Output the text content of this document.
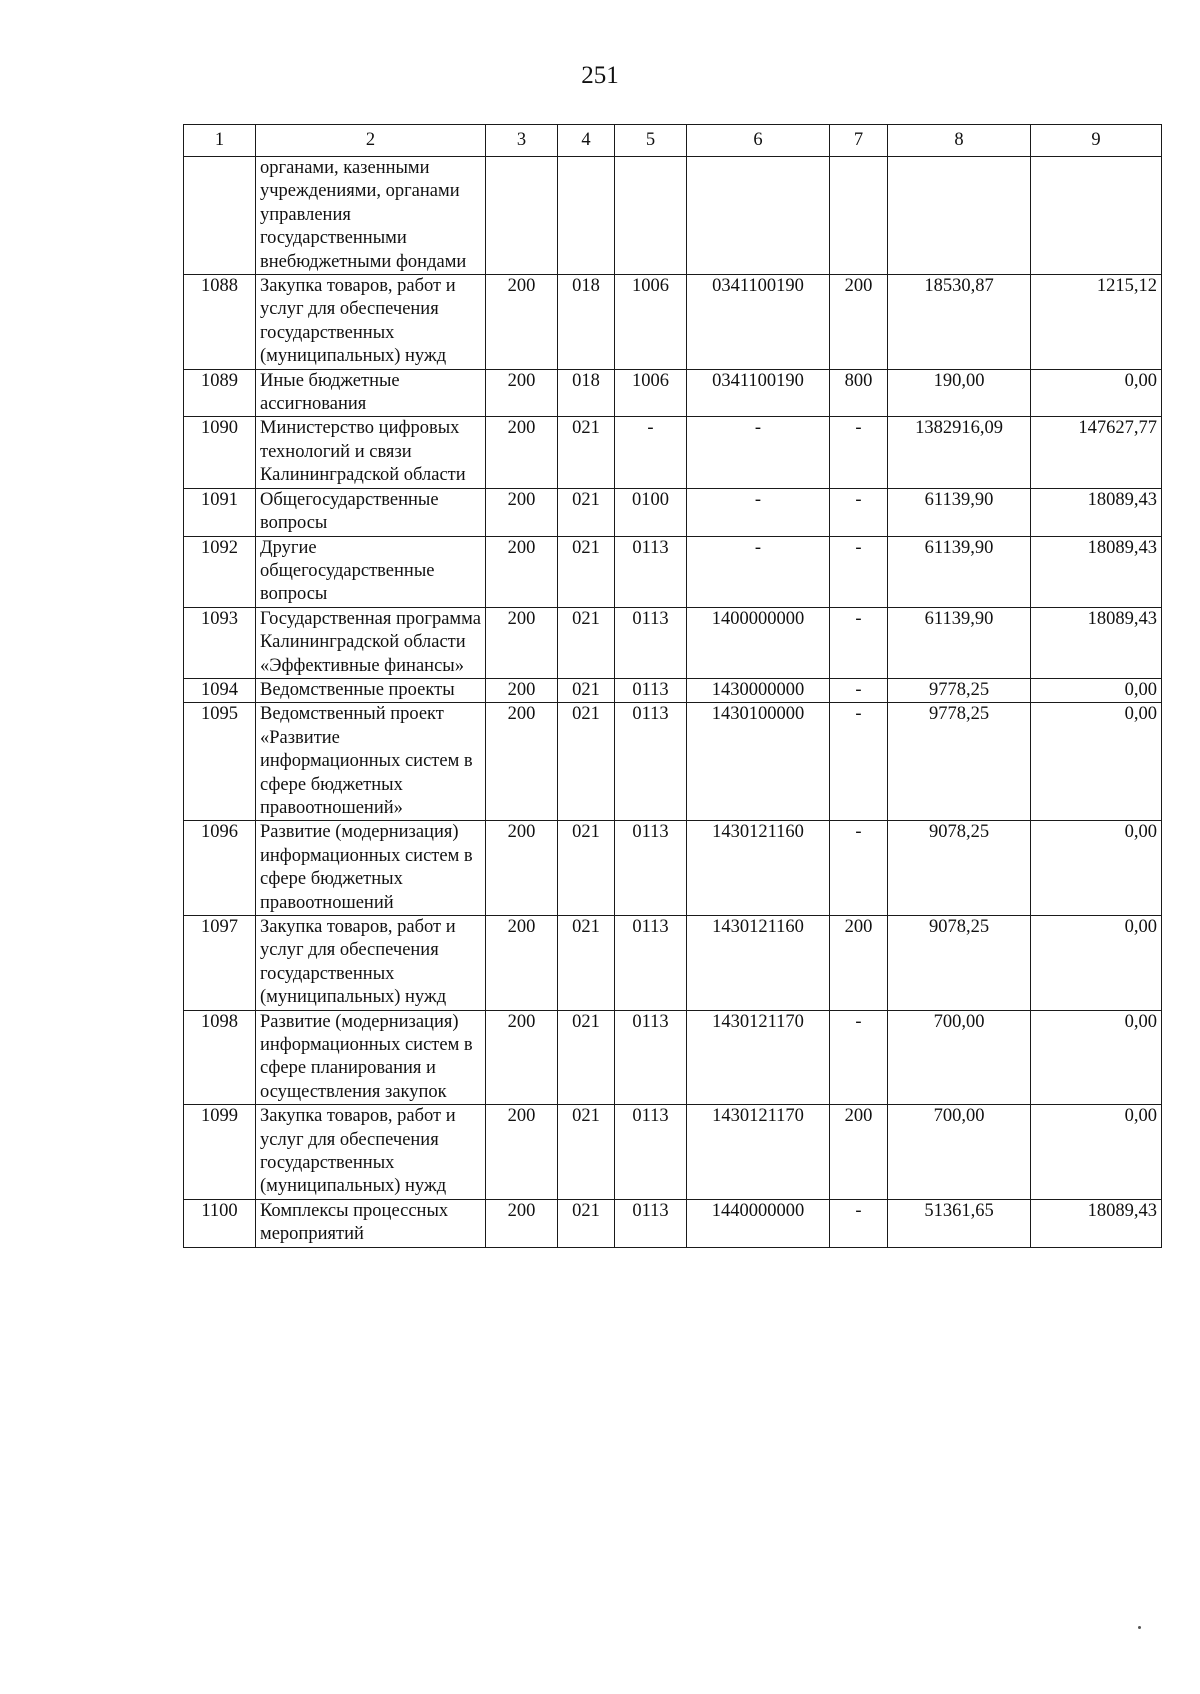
251
1	2	3	4	5	6	7	8	9
	органами, казенными учреждениями, органами управления государственными внебюджетными фондами							
1088	Закупка товаров, работ и услуг для обеспечения государственных (муниципальных) нужд	200	018	1006	0341100190	200	18530,87	1215,12
1089	Иные бюджетные ассигнования	200	018	1006	0341100190	800	190,00	0,00
1090	Министерство цифровых технологий и связи Калининградской области	200	021	-	-	-	1382916,09	147627,77
1091	Общегосударственные вопросы	200	021	0100	-	-	61139,90	18089,43
1092	Другие общегосударственные вопросы	200	021	0113	-	-	61139,90	18089,43
1093	Государственная программа Калининградской области «Эффективные финансы»	200	021	0113	1400000000	-	61139,90	18089,43
1094	Ведомственные проекты	200	021	0113	1430000000	-	9778,25	0,00
1095	Ведомственный проект «Развитие информационных систем в сфере бюджетных правоотношений»	200	021	0113	1430100000	-	9778,25	0,00
1096	Развитие (модернизация) информационных систем в сфере бюджетных правоотношений	200	021	0113	1430121160	-	9078,25	0,00
1097	Закупка товаров, работ и услуг для обеспечения государственных (муниципальных) нужд	200	021	0113	1430121160	200	9078,25	0,00
1098	Развитие (модернизация) информационных систем в сфере планирования и осуществления закупок	200	021	0113	1430121170	-	700,00	0,00
1099	Закупка товаров, работ и услуг для обеспечения государственных (муниципальных) нужд	200	021	0113	1430121170	200	700,00	0,00
1100	Комплексы процессных мероприятий	200	021	0113	1440000000	-	51361,65	18089,43
